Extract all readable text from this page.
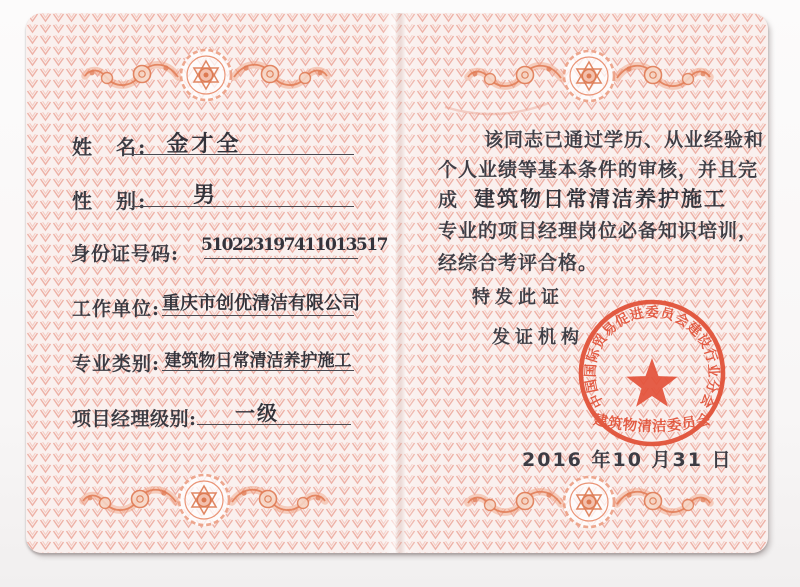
中国国际贸易促进委员会建设行业分会
建筑物清洁委员会
姓　名: 金才全
性　别:	男
身份证号码: 510223197411013517
工作单位: 重庆市创优清洁有限公司
专业类别: 建筑物日常清洁养护施工
项目经理级别:	一级
该同志已通过学历、从业经验和
个人业绩等基本条件的审核，并且完
成 建筑物日常清洁养护施工
专业的项目经理岗位必备知识培训，
经综合考评合格。
特发此证
发证机构
2016 年10 月31 日
